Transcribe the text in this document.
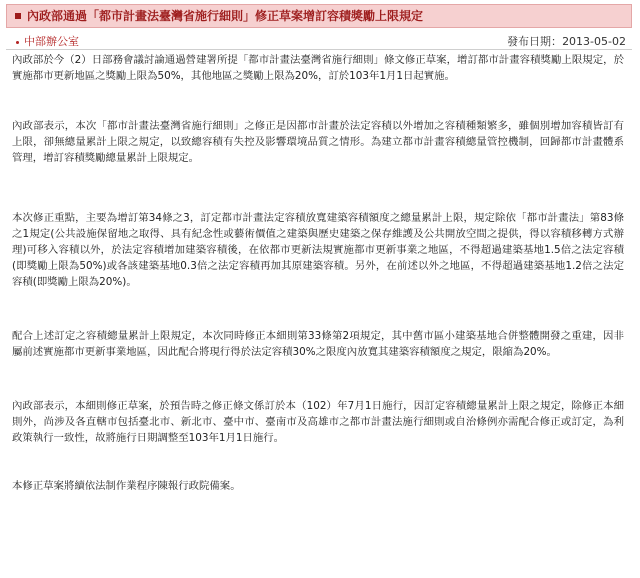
內政部通過「都市計畫法臺灣省施行細則」修正草案增訂容積獎勵上限規定
中部辦公室	發布日期：2013-05-02

內政部於今（2）日部務會議討論通過營建署所提「都市計畫法臺灣省施行細則」條文修正草案，增訂都市計畫容積獎勵上限規定，於實施都市更新地區之獎勵上限為50%，其他地區之獎勵上限為20%，訂於103年1月1日起實施。

內政部表示，本次「都市計畫法臺灣省施行細則」之修正是因都市計畫於法定容積以外增加之容積種類繁多，雖個別增加容積皆訂有上限，卻無總量累計上限之規定，以致總容積有失控及影響環境品質之情形。為建立都市計畫容積總量管控機制，回歸都市計畫體系管理，增訂容積獎勵總量累計上限規定。

本次修正重點，主要為增訂第34條之3，訂定都市計畫法定容積放寬建築容積額度之總量累計上限，規定除依「都市計畫法」第83條之1規定(公共設施保留地之取得、具有紀念性或藝術價值之建築與歷史建築之保存維護及公共開放空間之提供，得以容積移轉方式辦理)可移入容積以外，於法定容積增加建築容積後，在依都市更新法規實施都市更新事業之地區，不得超過建築基地1.5倍之法定容積(即獎勵上限為50%)或各該建築基地0.3倍之法定容積再加其原建築容積。另外，在前述以外之地區，不得超過建築基地1.2倍之法定容積(即獎勵上限為20%)。

配合上述訂定之容積總量累計上限規定，本次同時修正本細則第33條第2項規定，其中舊市區小建築基地合併整體開發之重建，因非屬前述實施都市更新事業地區，因此配合將現行得於法定容積30%之限度內放寬其建築容積額度之規定，限縮為20%。

內政部表示，本細則修正草案，於預告時之修正條文係訂於本（102）年7月1日施行，因訂定容積總量累計上限之規定，除修正本細則外，尚涉及各直轄市包括臺北市、新北市、臺中市、臺南市及高雄市之都市計畫法施行細則或自治條例亦需配合修正或訂定，為利政策執行一致性，故將施行日期調整至103年1月1日施行。

本修正草案將續依法制作業程序陳報行政院備案。
